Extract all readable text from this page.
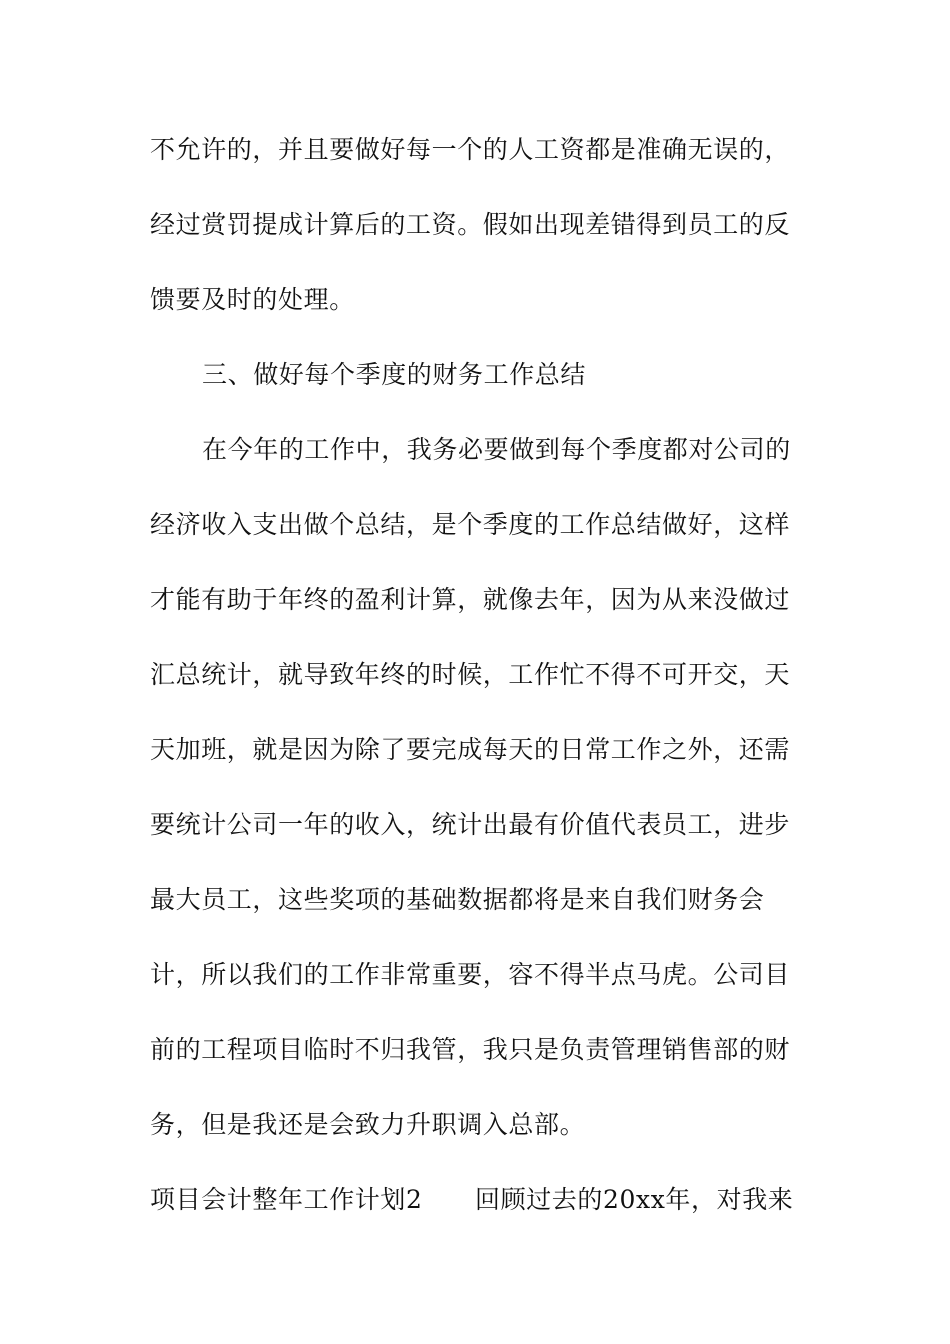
不允许的，并且要做好每一个的人工资都是准确无误的，
经过赏罚提成计算后的工资。假如出现差错得到员工的反
馈要及时的处理。
三、做好每个季度的财务工作总结
在今年的工作中，我务必要做到每个季度都对公司的
经济收入支出做个总结，是个季度的工作总结做好，这样
才能有助于年终的盈利计算，就像去年，因为从来没做过
汇总统计，就导致年终的时候，工作忙不得不可开交，天
天加班，就是因为除了要完成每天的日常工作之外，还需
要统计公司一年的收入，统计出最有价值代表员工，进步
最大员工，这些奖项的基础数据都将是来自我们财务会
计，所以我们的工作非常重要，容不得半点马虎。公司目
前的工程项目临时不归我管，我只是负责管理销售部的财
务，但是我还是会致力升职调入总部。
项目会计整年工作计划2 回顾过去的20xx年，对我来
